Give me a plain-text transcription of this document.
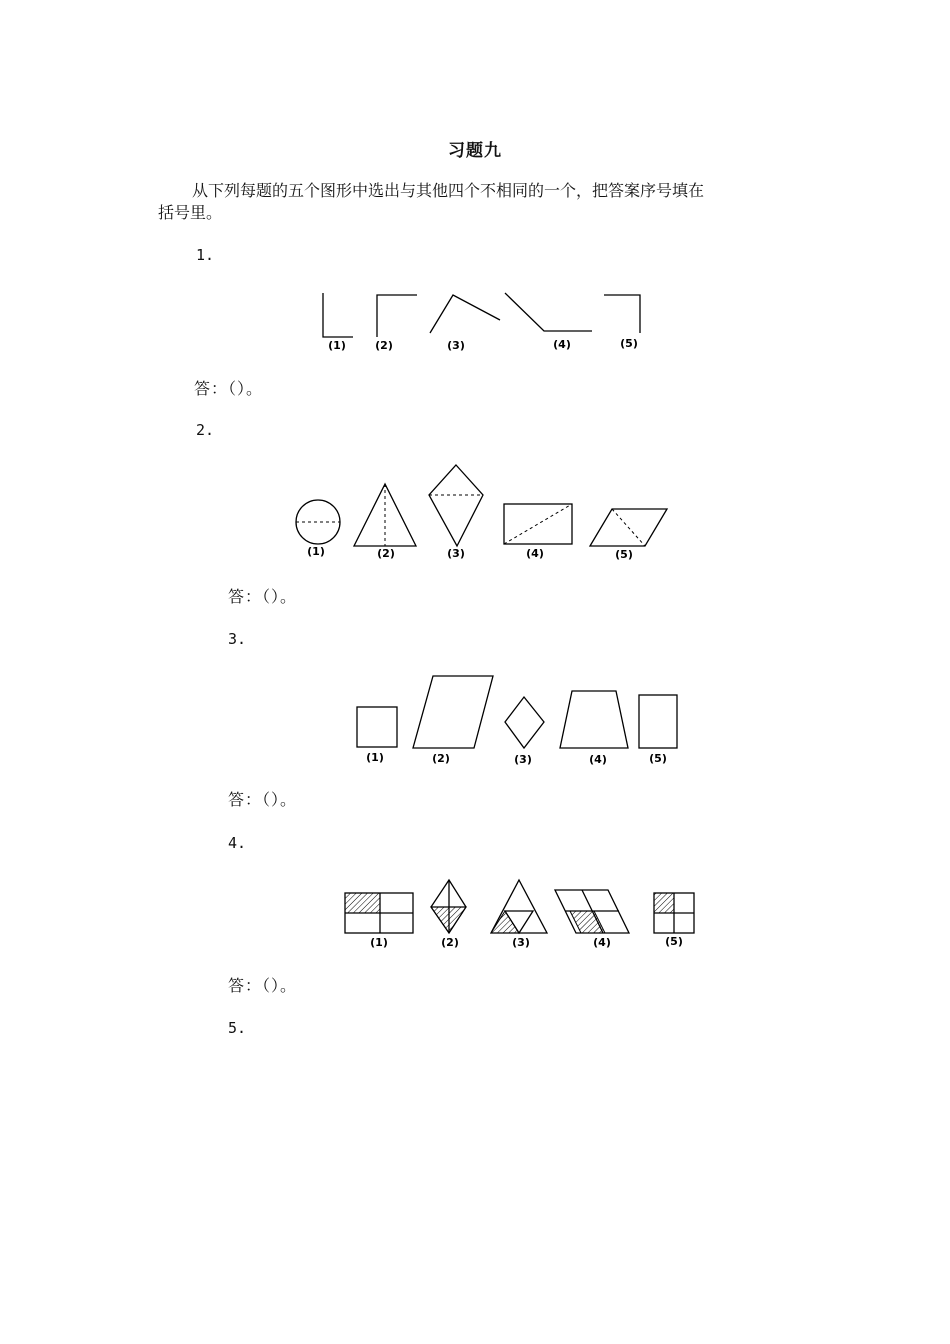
习题九
从下列每题的五个图形中选出与其他四个不相同的一个，把答案序号填在
括号里。
1.
(1)	(2)	(3)	(4)	(5)
答：（）。
2.
(1)	(2)	(3)	(4)	(5)
答：（）。
3.
(1)	(2)	(3)	(4)	(5)
答：（）。
4.
(1)	(2)	(3)	(4)	(5)
答：（）。
5.
